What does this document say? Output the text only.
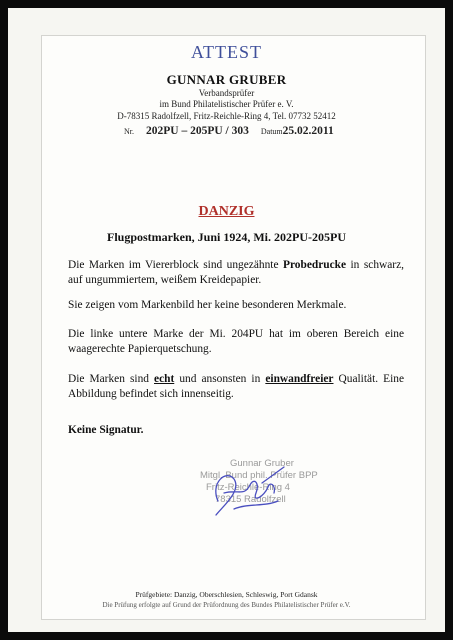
ATTEST
GUNNAR GRUBER
Verbandsprüfer
im Bund Philatelistischer Prüfer e. V.
D-78315 Radolfzell, Fritz-Reichle-Ring 4, Tel. 07732 52412
Nr. 202PU – 205PU / 303 Datum25.02.2011
DANZIG
Flugpostmarken, Juni 1924, Mi. 202PU-205PU
Die Marken im Viererblock sind ungezähnte Probedrucke in schwarz, auf ungummiertem, weißem Kreidepapier.
Sie zeigen vom Markenbild her keine besonderen Merkmale.
Die linke untere Marke der Mi. 204PU hat im oberen Bereich eine waagerechte Papierquetschung.
Die Marken sind echt und ansonsten in einwandfreier Qualität. Eine Abbildung befindet sich innenseitig.
Keine Signatur.
Gunnar Gruber
Mitgl. Bund phil. Prüfer BPP
Fritz-Reichle-Ring 4
78315 Radolfzell
Prüfgebiete: Danzig, Oberschlesien, Schleswig, Port Gdansk
Die Prüfung erfolgte auf Grund der Prüfordnung des Bundes Philatelistischer Prüfer e.V.
